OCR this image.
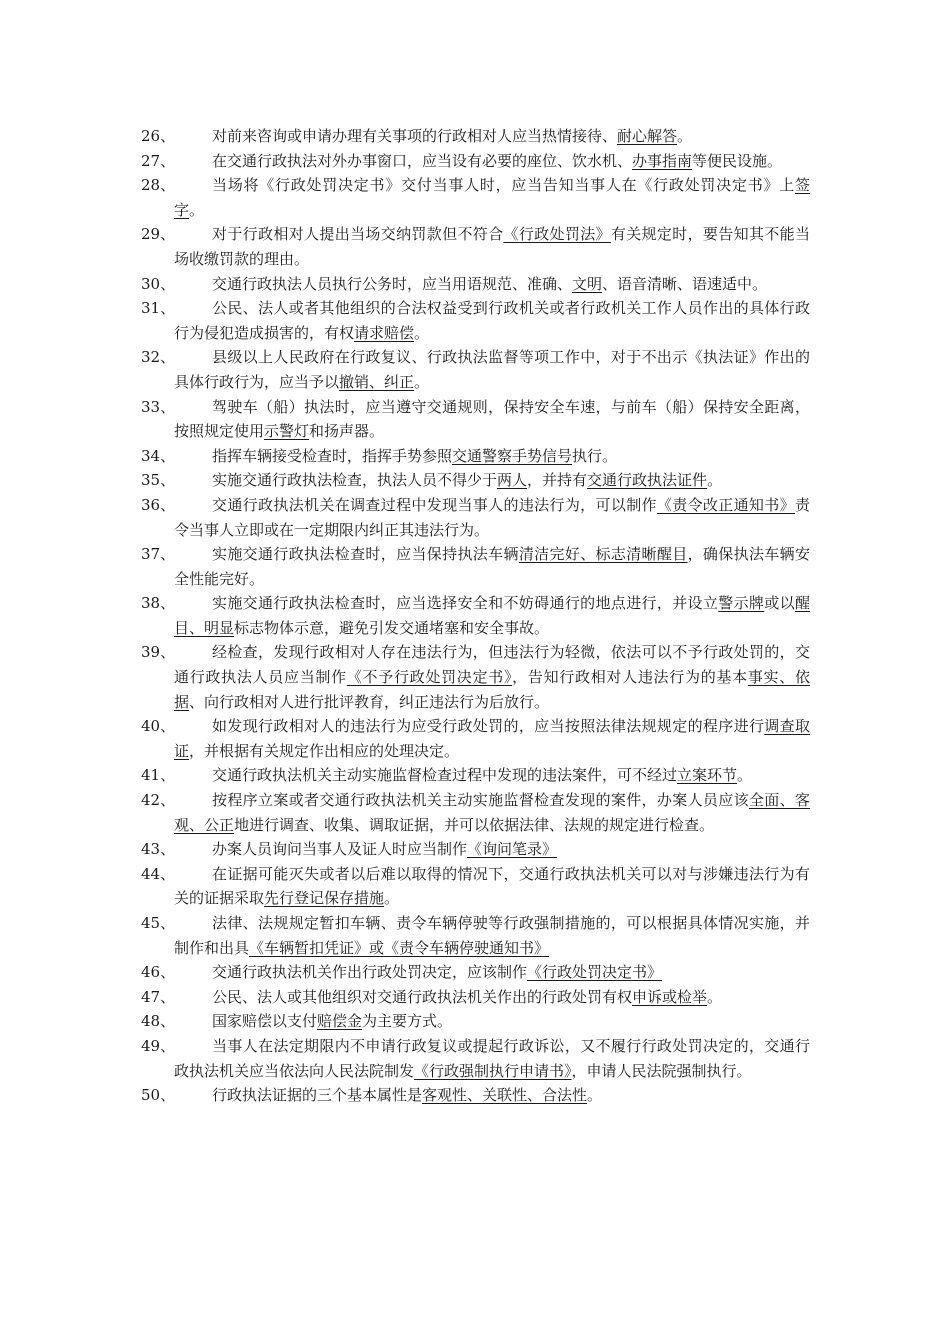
26、	对前来咨询或申请办理有关事项的行政相对人应当热情接待、耐心解答。
27、	在交通行政执法对外办事窗口，应当设有必要的座位、饮水机、办事指南等便民设施。
28、	当场将《行政处罚决定书》交付当事人时，应当告知当事人在《行政处罚决定书》上签字。
29、	对于行政相对人提出当场交纳罚款但不符合《行政处罚法》有关规定时，要告知其不能当场收缴罚款的理由。
30、	交通行政执法人员执行公务时，应当用语规范、准确、文明、语音清晰、语速适中。
31、	公民、法人或者其他组织的合法权益受到行政机关或者行政机关工作人员作出的具体行政行为侵犯造成损害的，有权请求赔偿。
32、	县级以上人民政府在行政复议、行政执法监督等项工作中，对于不出示《执法证》作出的具体行政行为，应当予以撤销、纠正。
33、	驾驶车（船）执法时，应当遵守交通规则，保持安全车速，与前车（船）保持安全距离，按照规定使用示警灯和扬声器。
34、	指挥车辆接受检查时，指挥手势参照交通警察手势信号执行。
35、	实施交通行政执法检查，执法人员不得少于两人，并持有交通行政执法证件。
36、	交通行政执法机关在调查过程中发现当事人的违法行为，可以制作《责令改正通知书》责令当事人立即或在一定期限内纠正其违法行为。
37、	实施交通行政执法检查时，应当保持执法车辆清洁完好、标志清晰醒目，确保执法车辆安全性能完好。
38、	实施交通行政执法检查时，应当选择安全和不妨碍通行的地点进行，并设立警示牌或以醒目、明显标志物体示意，避免引发交通堵塞和安全事故。
39、	经检查，发现行政相对人存在违法行为，但违法行为轻微，依法可以不予行政处罚的，交通行政执法人员应当制作《不予行政处罚决定书》，告知行政相对人违法行为的基本事实、依据、向行政相对人进行批评教育，纠正违法行为后放行。
40、	如发现行政相对人的违法行为应受行政处罚的，应当按照法律法规规定的程序进行调查取证，并根据有关规定作出相应的处理决定。
41、	交通行政执法机关主动实施监督检查过程中发现的违法案件，可不经过立案环节。
42、	按程序立案或者交通行政执法机关主动实施监督检查发现的案件，办案人员应该全面、客观、公正地进行调查、收集、调取证据，并可以依据法律、法规的规定进行检查。
43、	办案人员询问当事人及证人时应当制作《询问笔录》
44、	在证据可能灭失或者以后难以取得的情况下，交通行政执法机关可以对与涉嫌违法行为有关的证据采取先行登记保存措施。
45、	法律、法规规定暂扣车辆、责令车辆停驶等行政强制措施的，可以根据具体情况实施，并制作和出具《车辆暂扣凭证》或《责令车辆停驶通知书》
46、	交通行政执法机关作出行政处罚决定，应该制作《行政处罚决定书》
47、	公民、法人或其他组织对交通行政执法机关作出的行政处罚有权申诉或检举。
48、	国家赔偿以支付赔偿金为主要方式。
49、	当事人在法定期限内不申请行政复议或提起行政诉讼，又不履行行政处罚决定的，交通行政执法机关应当依法向人民法院制发《行政强制执行申请书》，申请人民法院强制执行。
50、	行政执法证据的三个基本属性是客观性、关联性、合法性。
